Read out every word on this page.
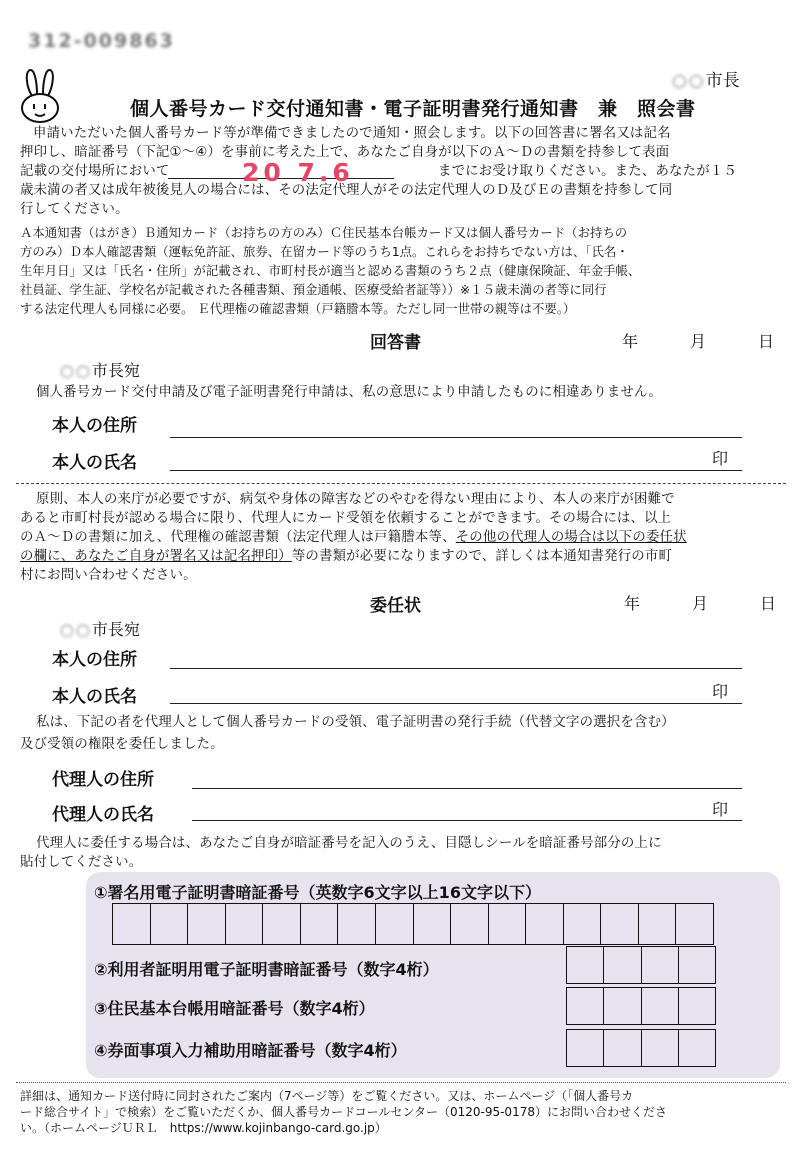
312-009863
○○市長
個人番号カード交付通知書・電子証明書発行通知書　兼　照会書
申請いただいた個人番号カード等が準備できましたので通知・照会します。以下の回答書に署名又は記名
押印し、暗証番号（下記①～④）を事前に考えた上で、あなたご自身が以下のＡ～Ｄの書類を持参して表面
記載の交付場所において	20 7.6	までにお受け取りください。また、あなたが１５
歳未満の者又は成年被後見人の場合には、その法定代理人がその法定代理人のＤ及びＥの書類を持参して同
行してください。
Ａ本通知書（はがき）Ｂ通知カード（お持ちの方のみ）Ｃ住民基本台帳カード又は個人番号カード（お持ちの
方のみ）Ｄ本人確認書類（運転免許証、旅券、在留カード等のうち1点。これらをお持ちでない方は、「氏名・
生年月日」又は「氏名・住所」が記載され、市町村長が適当と認める書類のうち２点（健康保険証、年金手帳、
社員証、学生証、学校名が記載された各種書類、預金通帳、医療受給者証等））※１５歳未満の者等に同行
する法定代理人も同様に必要。 Ｅ代理権の確認書類（戸籍謄本等。ただし同一世帯の親等は不要。）
回答書	年	月	日
○○市長宛
個人番号カード交付申請及び電子証明書発行申請は、私の意思により申請したものに相違ありません。
本人の住所
本人の氏名	印
原則、本人の来庁が必要ですが、病気や身体の障害などのやむを得ない理由により、本人の来庁が困難で
あると市町村長が認める場合に限り、代理人にカード受領を依頼することができます。その場合には、以上
のＡ～Ｄの書類に加え、代理権の確認書類（法定代理人は戸籍謄本等、その他の代理人の場合は以下の委任状
の欄に、あなたご自身が署名又は記名押印）等の書類が必要になりますので、詳しくは本通知書発行の市町
村にお問い合わせください。
委任状	年	月	日
○○市長宛
本人の住所
本人の氏名	印
私は、下記の者を代理人として個人番号カードの受領、電子証明書の発行手続（代替文字の選択を含む）
及び受領の権限を委任しました。
代理人の住所
代理人の氏名	印
代理人に委任する場合は、あなたご自身が暗証番号を記入のうえ、目隠しシールを暗証番号部分の上に
貼付してください。
①署名用電子証明書暗証番号（英数字6文字以上16文字以下）
②利用者証明用電子証明書暗証番号（数字4桁）
③住民基本台帳用暗証番号（数字4桁）
④券面事項入力補助用暗証番号（数字4桁）
詳細は、通知カード送付時に同封されたご案内（7ページ等）をご覧ください。又は、ホームページ（「個人番号カ
ード総合サイト」で検索）をご覧いただくか、個人番号カードコールセンター（0120-95-0178）にお問い合わせくださ
い。（ホームページＵＲＬ　https://www.kojinbango-card.go.jp）
